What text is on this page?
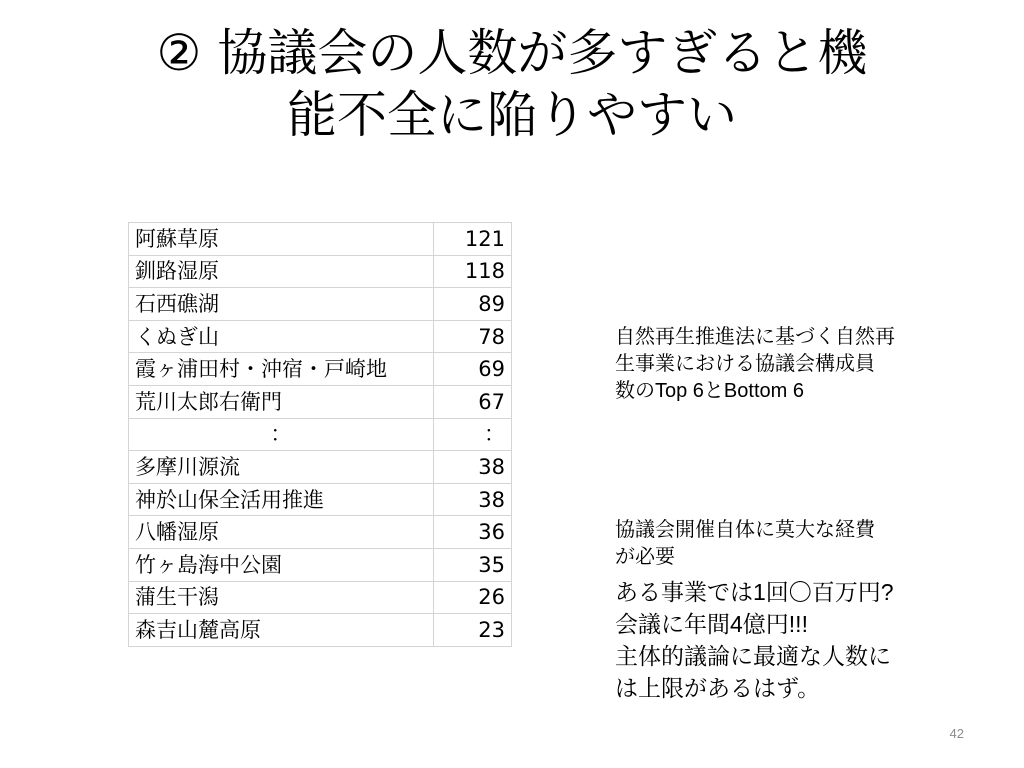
② 協議会の人数が多すぎると機
能不全に陥りやすい
阿蘇草原	121
釧路湿原	118
石西礁湖	89
くぬぎ山	78
霞ヶ浦田村・沖宿・戸崎地	69
荒川太郎右衛門	67
：	：
多摩川源流	38
神於山保全活用推進	38
八幡湿原	36
竹ヶ島海中公園	35
蒲生干潟	26
森吉山麓高原	23

自然再生推進法に基づく自然再
生事業における協議会構成員
数のTop 6とBottom 6

協議会開催自体に莫大な経費
が必要

ある事業では1回〇百万円?
会議に年間4億円!!!
主体的議論に最適な人数に
は上限があるはず。

42
